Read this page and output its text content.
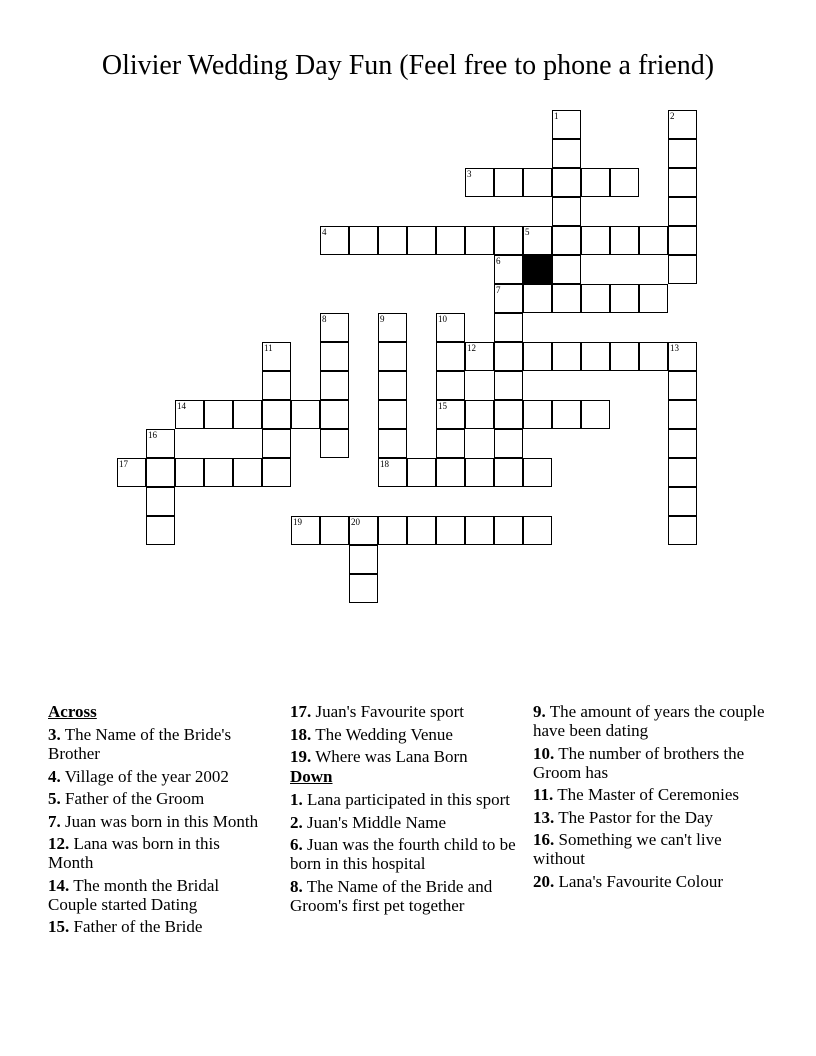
Olivier Wedding Day Fun (Feel free to phone a friend)
1	2
3
4	5
6
7
8	9
18
10
15
11	12	13
14
16
17
19	20
Across
3. The Name of the Bride's Brother
4. Village of the year 2002
5. Father of the Groom
7. Juan was born in this Month
12. Lana was born in this Month
14. The month the Bridal Couple started Dating
15. Father of the Bride
17. Juan's Favourite sport
18. The Wedding Venue
19. Where was Lana Born
Down
1. Lana participated in this sport
2. Juan's Middle Name
6. Juan was the fourth child to be born in this hospital
8. The Name of the Bride and Groom's first pet together
9. The amount of years the couple have been dating
10. The number of brothers the Groom has
11. The Master of Ceremonies
13. The Pastor for the Day
16. Something we can't live without
20. Lana's Favourite Colour
